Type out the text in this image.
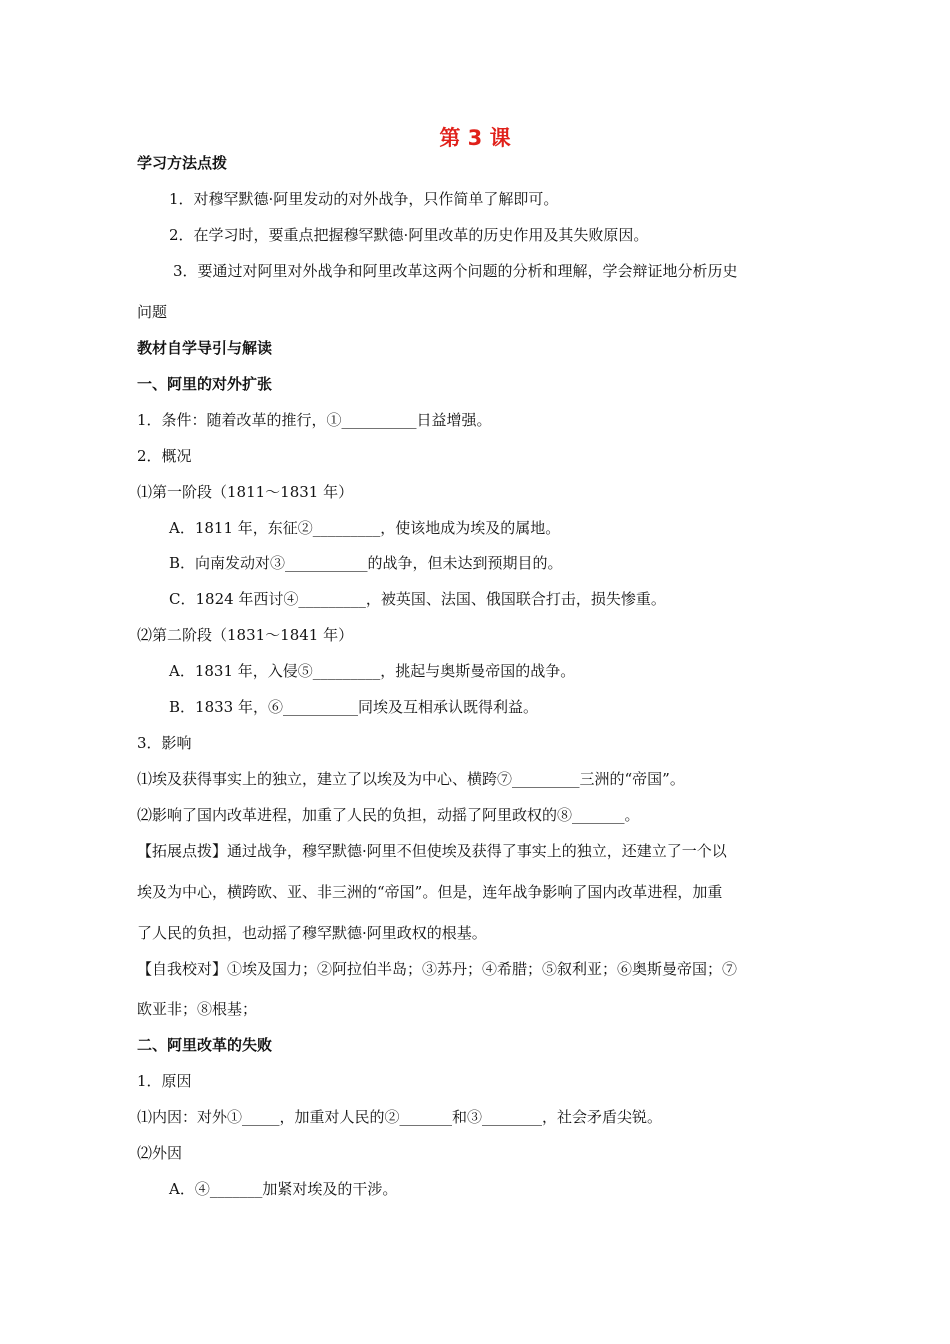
第 3 课
学习方法点拨
1．对穆罕默德·阿里发动的对外战争，只作简单了解即可。
2．在学习时，要重点把握穆罕默德·阿里改革的历史作用及其失败原因。
3．要通过对阿里对外战争和阿里改革这两个问题的分析和理解，学会辩证地分析历史
问题
教材自学导引与解读
一、阿里的对外扩张
1．条件：随着改革的推行，①__________日益增强。
2．概况
⑴第一阶段（1811～1831 年）
A．1811 年，东征②_________，使该地成为埃及的属地。
B．向南发动对③___________的战争，但未达到预期目的。
C．1824 年西讨④_________，被英国、法国、俄国联合打击，损失惨重。
⑵第二阶段（1831～1841 年）
A．1831 年，入侵⑤_________，挑起与奥斯曼帝国的战争。
B．1833 年，⑥__________同埃及互相承认既得利益。
3．影响
⑴埃及获得事实上的独立，建立了以埃及为中心、横跨⑦_________三洲的“帝国”。
⑵影响了国内改革进程，加重了人民的负担，动摇了阿里政权的⑧_______。
【拓展点拨】通过战争，穆罕默德·阿里不但使埃及获得了事实上的独立，还建立了一个以
埃及为中心，横跨欧、亚、非三洲的“帝国”。但是，连年战争影响了国内改革进程，加重
了人民的负担，也动摇了穆罕默德·阿里政权的根基。
【自我校对】①埃及国力；②阿拉伯半岛；③苏丹；④希腊；⑤叙利亚；⑥奥斯曼帝国；⑦
欧亚非；⑧根基；
二、阿里改革的失败
1．原因
⑴内因：对外①_____，加重对人民的②_______和③________，社会矛盾尖锐。
⑵外因
A．④_______加紧对埃及的干涉。
